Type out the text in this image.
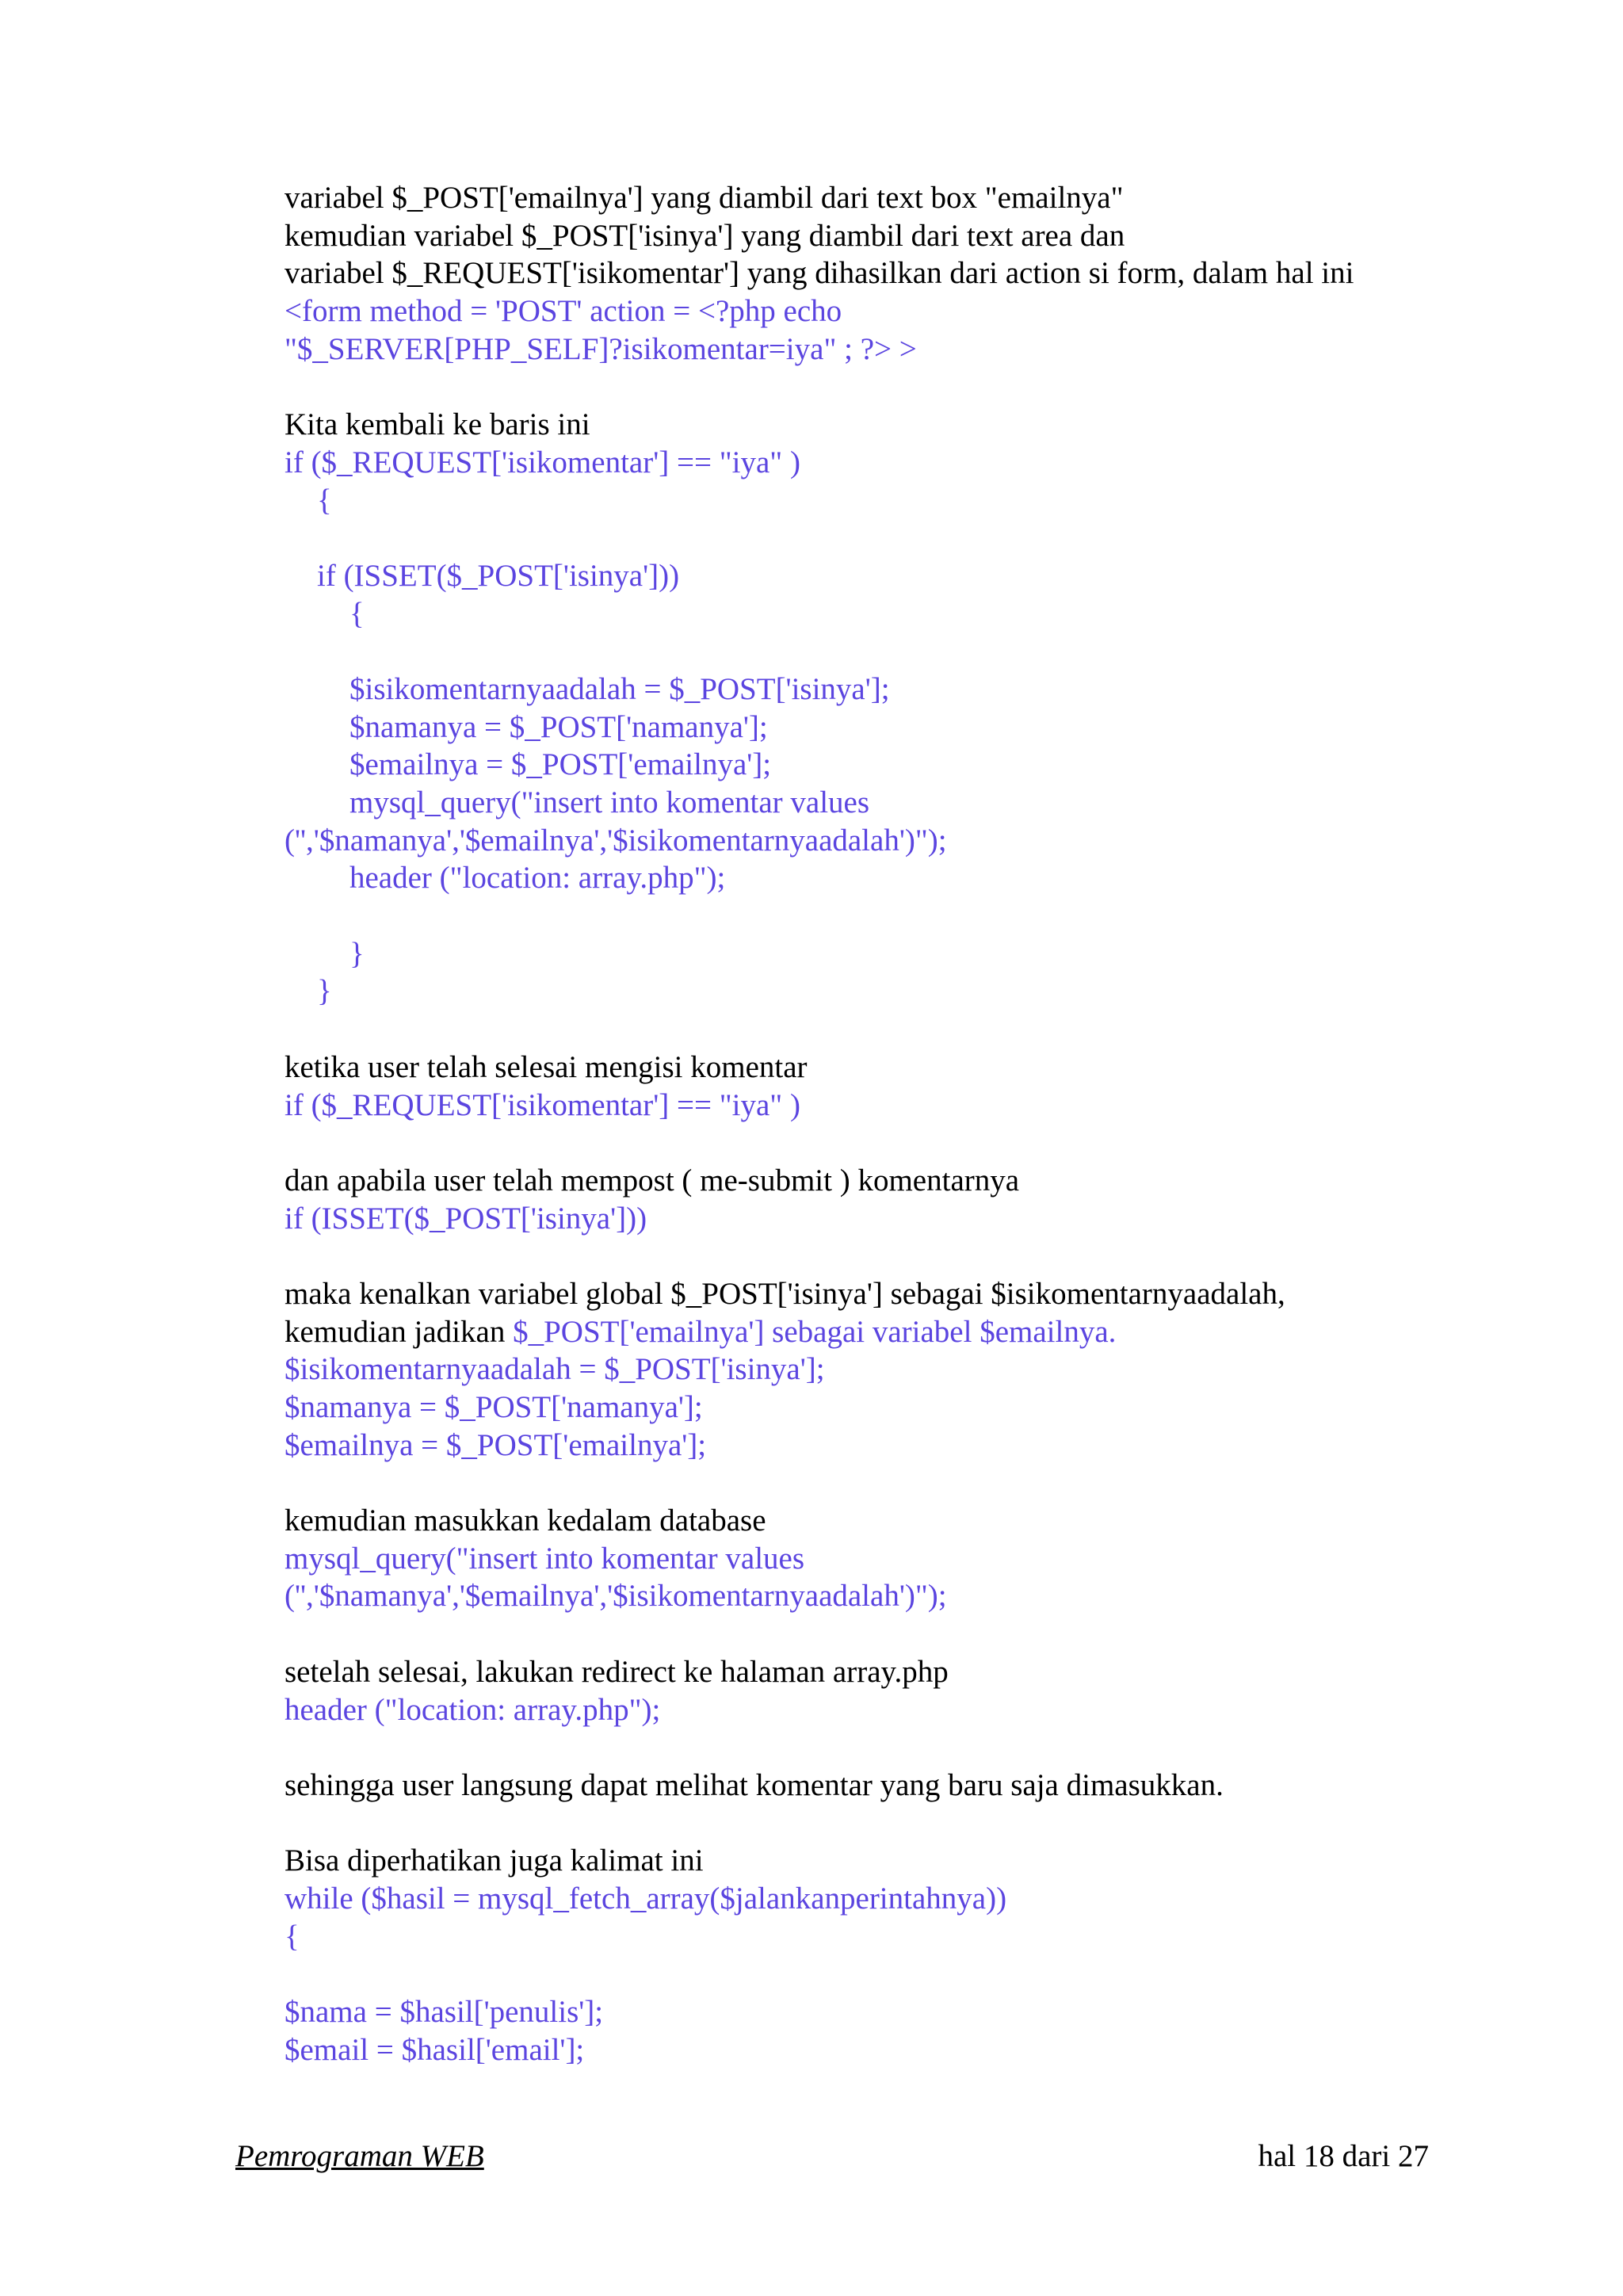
variabel $_POST['emailnya'] yang diambil dari text box "emailnya"
kemudian variabel $_POST['isinya'] yang diambil dari text area dan
variabel $_REQUEST['isikomentar'] yang dihasilkan dari action si form, dalam hal ini
<form method = 'POST' action = <?php echo
"$_SERVER[PHP_SELF]?isikomentar=iya" ; ?> >
Kita kembali ke baris ini
if ($_REQUEST['isikomentar'] == "iya" )
{
if (ISSET($_POST['isinya']))
{
$isikomentarnyaadalah = $_POST['isinya'];
$namanya = $_POST['namanya'];
$emailnya = $_POST['emailnya'];
mysql_query("insert into komentar values
('','$namanya','$emailnya','$isikomentarnyaadalah')");
header ("location: array.php");
}
}
ketika user telah selesai mengisi komentar
if ($_REQUEST['isikomentar'] == "iya" )
dan apabila user telah mempost ( me-submit ) komentarnya
if (ISSET($_POST['isinya']))
maka kenalkan variabel global $_POST['isinya'] sebagai $isikomentarnyaadalah,
kemudian jadikan $_POST['emailnya'] sebagai variabel $emailnya.
$isikomentarnyaadalah = $_POST['isinya'];
$namanya = $_POST['namanya'];
$emailnya = $_POST['emailnya'];
kemudian masukkan kedalam database
mysql_query("insert into komentar values
('','$namanya','$emailnya','$isikomentarnyaadalah')");
setelah selesai, lakukan redirect ke halaman array.php
header ("location: array.php");
sehingga user langsung dapat melihat komentar yang baru saja dimasukkan.
Bisa diperhatikan juga kalimat ini
while ($hasil = mysql_fetch_array($jalankanperintahnya))
{
$nama = $hasil['penulis'];
$email = $hasil['email'];
Pemrograman WEB	hal 18 dari 27
